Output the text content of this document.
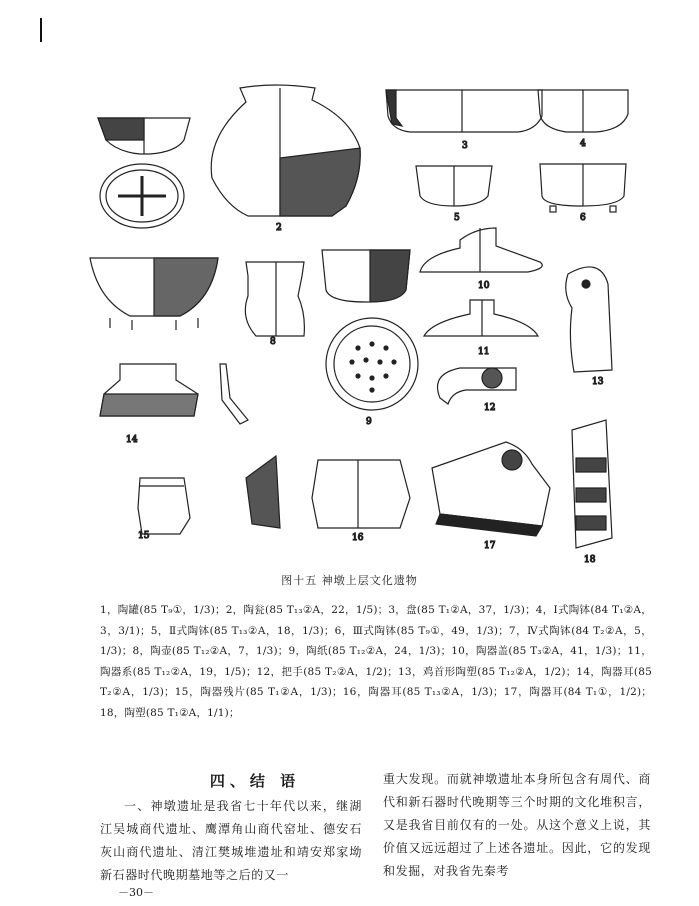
2
3	4
5	6
8
9
10
11
12
13
14
15	16
17
18
图十五 神墩上层文化遗物
1，陶罐(85 T₉①，1/3)；2，陶瓮(85 T₁₃②A，22，1/5)；3，盘(85 T₁②A，37，1/3)；4，Ⅰ式陶钵(84 T₁②A，3，3/1)；5，Ⅱ式陶钵(85 T₁₃②A，18，1/3)；6，Ⅲ式陶钵(85 T₉①，49，1/3)；7，Ⅳ式陶钵(84 T₂②A，5，1/3)；8，陶壶(85 T₁₂②A，7，1/3)；9，陶纸(85 T₁₂②A，24，1/3)；10，陶器盖(85 T₃②A，41，1/3)；11，陶器系(85 T₁₂②A，19，1/5)；12，把手(85 T₂②A，1/2)；13，鸡首形陶塑(85 T₁₂②A，1/2)；14，陶器耳(85 T₂②A，1/3)；15，陶器残片(85 T₁②A，1/3)；16，陶器耳(85 T₁₃②A，1/3)；17，陶器耳(84 T₁①，1/2)；18，陶塑(85 T₁②A，1/1)；
四、结 语
一、神墩遗址是我省七十年代以来，继湖江吴城商代遗址、鹰潭角山商代窑址、德安石灰山商代遗址、清江樊城堆遗址和靖安郑家坳新石器时代晚期墓地等之后的又一
重大发现。而就神墩遗址本身所包含有周代、商代和新石器时代晚期等三个时期的文化堆积言，又是我省目前仅有的一处。从这个意义上说，其价值又远远超过了上述各遗址。因此，它的发现和发掘，对我省先秦考
－30－
